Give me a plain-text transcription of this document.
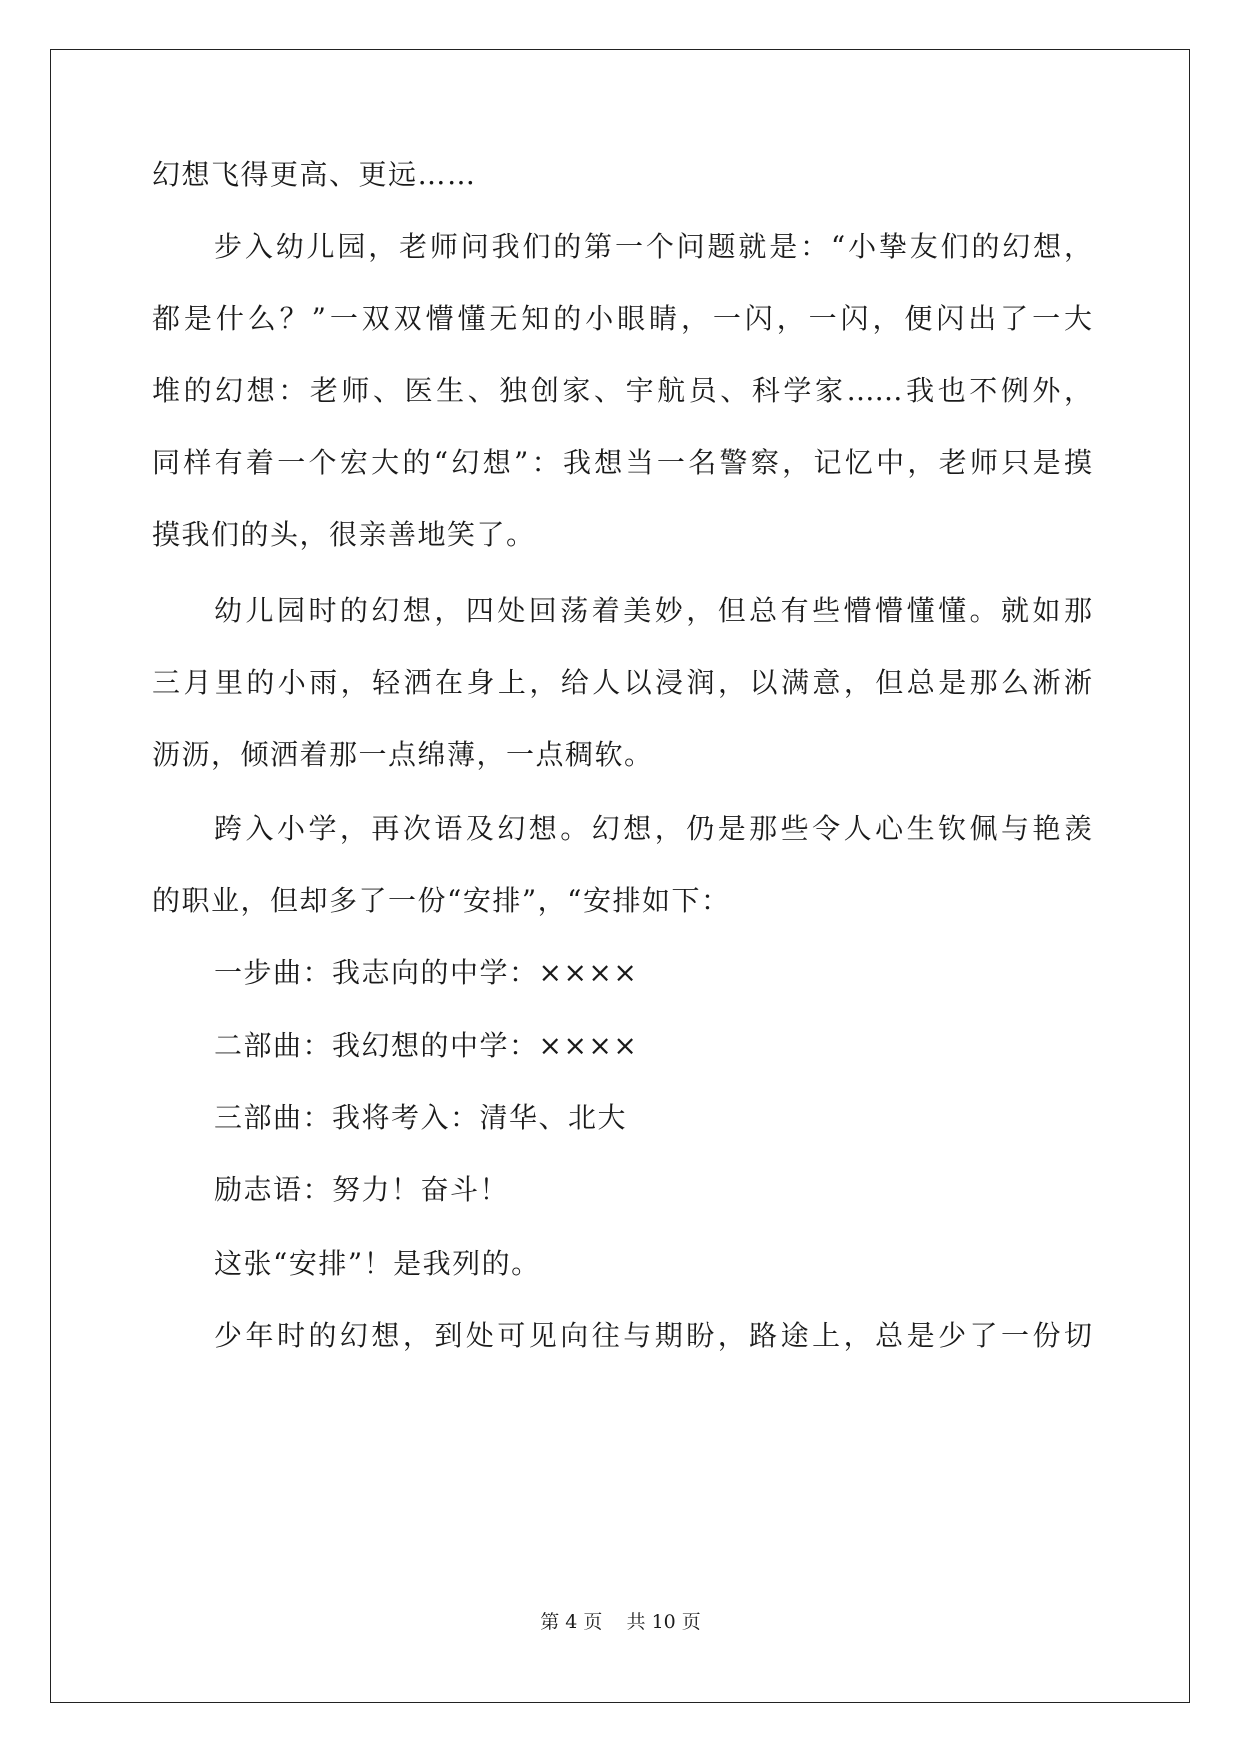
幻想飞得更高、更远……
步入幼儿园，老师问我们的第一个问题就是：“小挚友们的幻想，
都是什么？”一双双懵懂无知的小眼睛，一闪，一闪，便闪出了一大
堆的幻想：老师、医生、独创家、宇航员、科学家……我也不例外，
同样有着一个宏大的“幻想”：我想当一名警察，记忆中，老师只是摸
摸我们的头，很亲善地笑了。
幼儿园时的幻想，四处回荡着美妙，但总有些懵懵懂懂。就如那
三月里的小雨，轻洒在身上，给人以浸润，以满意，但总是那么淅淅
沥沥，倾洒着那一点绵薄，一点稠软。
跨入小学，再次语及幻想。幻想，仍是那些令人心生钦佩与艳羡
的职业，但却多了一份“安排”，“安排如下：
一步曲：我志向的中学：××××
二部曲：我幻想的中学：××××
三部曲：我将考入：清华、北大
励志语：努力！奋斗！
这张“安排”！是我列的。
少年时的幻想，到处可见向往与期盼，路途上，总是少了一份切
第 4 页    共 10 页
